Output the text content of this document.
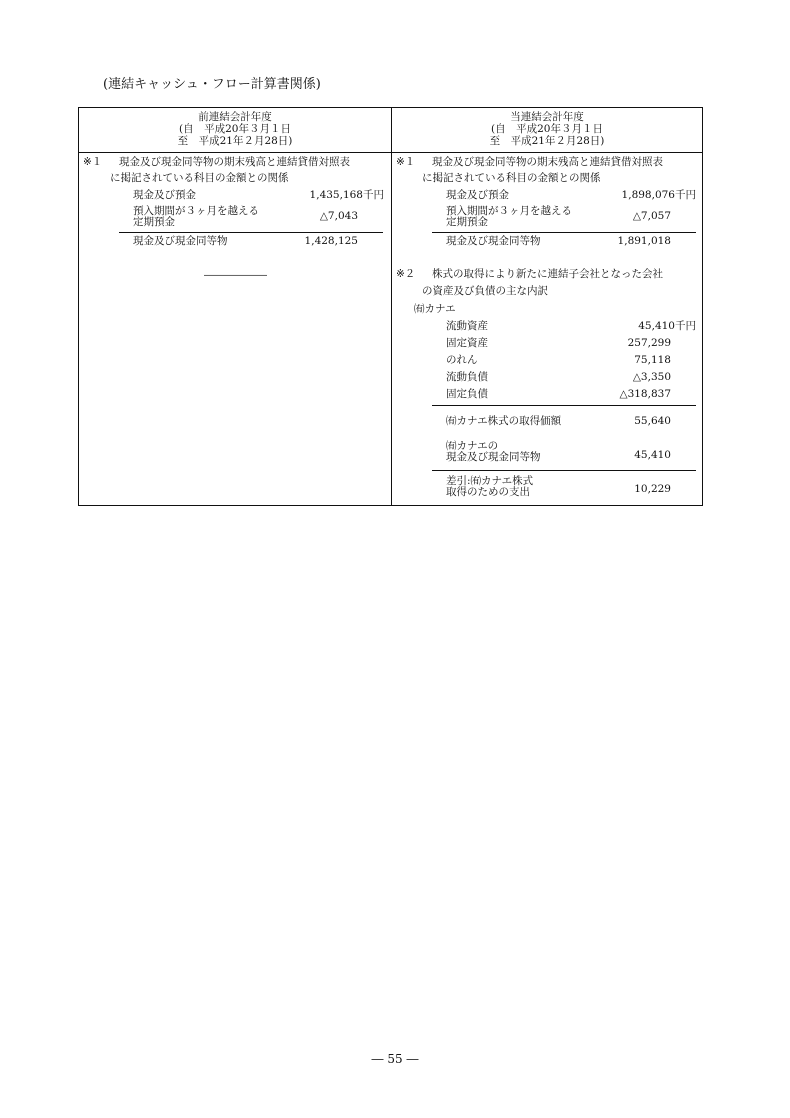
(連結キャッシュ・フロー計算書関係)
前連結会計年度
(自　平成20年３月１日
至　平成21年２月28日)
当連結会計年度
(自　平成20年３月１日
至　平成21年２月28日)
※１ 現金及び現金同等物の期末残高と連結貸借対照表
に掲記されている科目の金額との関係
現金及び預金	1,435,168千円
預入期間が３ヶ月を越える
定期預金	△7,043
現金及び現金同等物	1,428,125
――――――
※１ 現金及び現金同等物の期末残高と連結貸借対照表
に掲記されている科目の金額との関係
現金及び預金	1,898,076千円
預入期間が３ヶ月を越える
定期預金	△7,057
現金及び現金同等物	1,891,018
※２ 株式の取得により新たに連結子会社となった会社
の資産及び負債の主な内訳
㈲カナエ
流動資産	45,410千円
固定資産	257,299
のれん	75,118
流動負債	△3,350
固定負債	△318,837
㈲カナエ株式の取得価額	55,640
㈲カナエの
現金及び現金同等物	45,410
差引:㈲カナエ株式
取得のための支出	10,229
― 55 ―
